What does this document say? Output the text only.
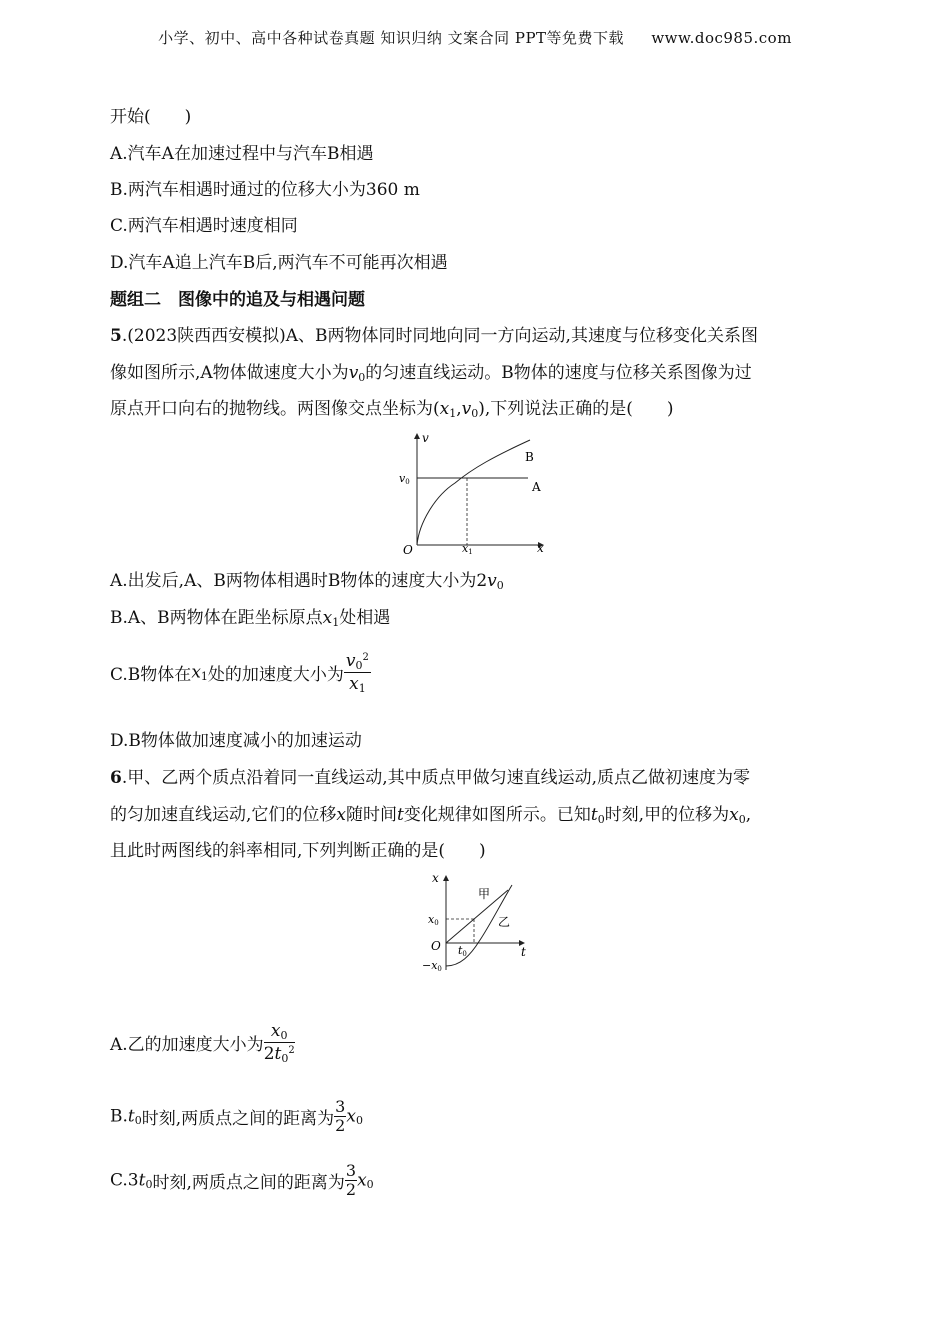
小学、初中、高中各种试卷真题 知识归纳 文案合同 PPT等免费下载 www.doc985.com
开始(　　)
A.汽车A在加速过程中与汽车B相遇
B.两汽车相遇时通过的位移大小为360 m
C.两汽车相遇时速度相同
D.汽车A追上汽车B后,两汽车不可能再次相遇
题组二　图像中的追及与相遇问题
5.(2023陕西西安模拟)A、B两物体同时同地向同一方向运动,其速度与位移变化关系图
像如图所示,A物体做速度大小为$v_0$的匀速直线运动。B物体的速度与位移关系图像为过
原点开口向右的抛物线。两图像交点坐标为$(x_1,v_0)$,下列说法正确的是(　　)
v
v0
B
A
O	x1	x
A.出发后,A、B两物体相遇时B物体的速度大小为$2v_0$
B.A、B两物体在距坐标原点$x_1$处相遇
C.B物体在$x_1$处的加速度大小为 $\frac{v_0^2}{x_1}$
D.B物体做加速度减小的加速运动
6.甲、乙两个质点沿着同一直线运动,其中质点甲做匀速直线运动,质点乙做初速度为零
的匀加速直线运动,它们的位移x随时间t变化规律如图所示。已知$t_0$时刻,甲的位移为$x_0$,
且此时两图线的斜率相同,下列判断正确的是(　　)
x
甲
乙
x0
O t0	t
−x0
A.乙的加速度大小为 $\frac{x_0}{2t_0^2}$
$B.t_0$时刻,两质点之间的距离为 $\frac{3}{2} x_0$
$C.3t_0$时刻,两质点之间的距离为 $\frac{3}{2} x_0$
